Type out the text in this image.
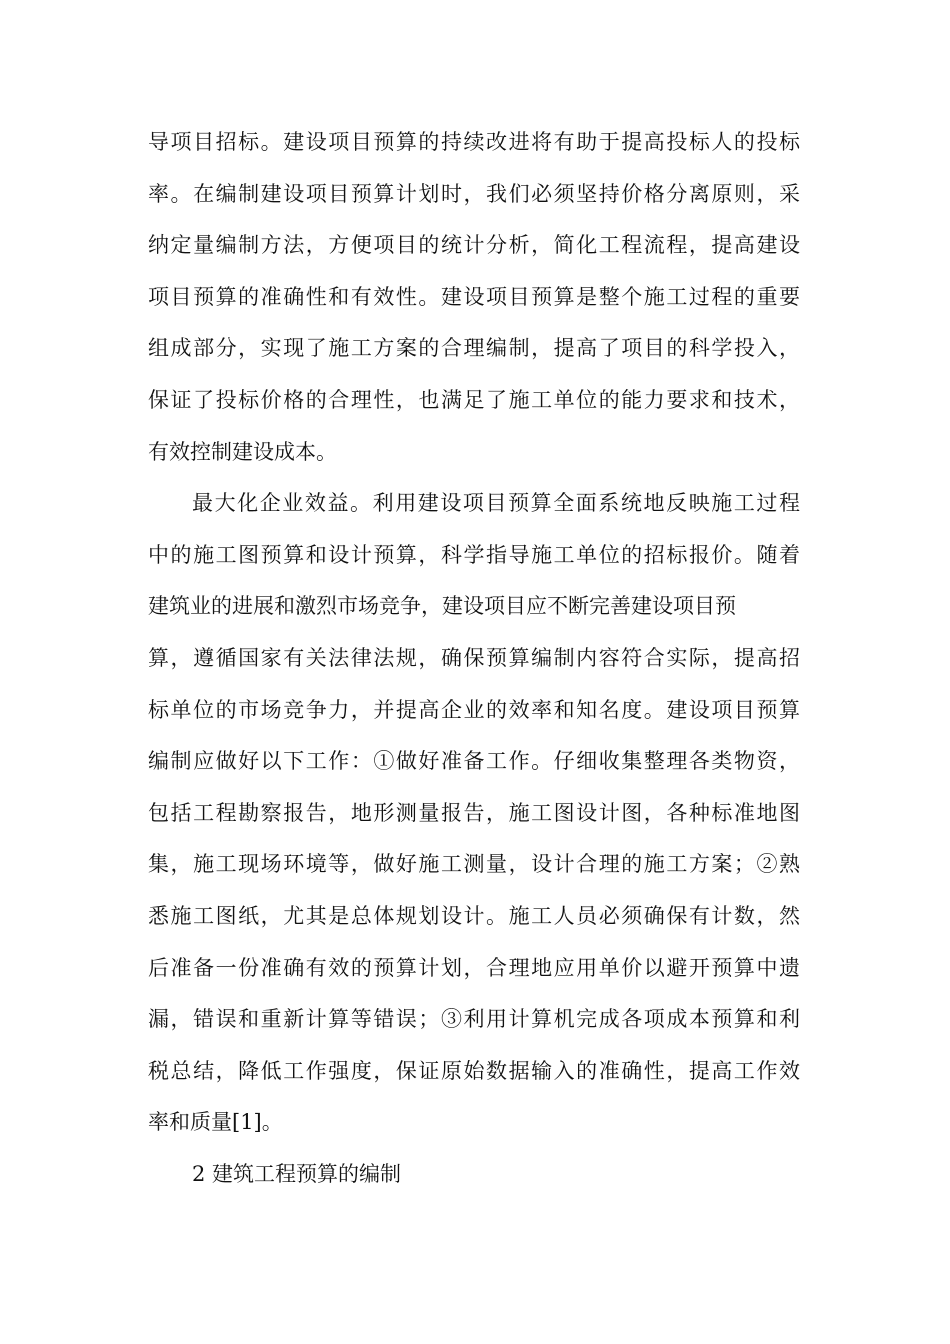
导项目招标。建设项目预算的持续改进将有助于提高投标人的投标
率。在编制建设项目预算计划时，我们必须坚持价格分离原则，采
纳定量编制方法，方便项目的统计分析，简化工程流程，提高建设
项目预算的准确性和有效性。建设项目预算是整个施工过程的重要
组成部分，实现了施工方案的合理编制，提高了项目的科学投入，
保证了投标价格的合理性，也满足了施工单位的能力要求和技术，
有效控制建设成本。
最大化企业效益。利用建设项目预算全面系统地反映施工过程
中的施工图预算和设计预算，科学指导施工单位的招标报价。随着
建筑业的进展和激烈市场竞争，建设项目应不断完善建设项目预
算，遵循国家有关法律法规，确保预算编制内容符合实际，提高招
标单位的市场竞争力，并提高企业的效率和知名度。建设项目预算
编制应做好以下工作：①做好准备工作。仔细收集整理各类物资，
包括工程勘察报告，地形测量报告，施工图设计图，各种标准地图
集，施工现场环境等，做好施工测量，设计合理的施工方案；②熟
悉施工图纸，尤其是总体规划设计。施工人员必须确保有计数，然
后准备一份准确有效的预算计划，合理地应用单价以避开预算中遗
漏，错误和重新计算等错误；③利用计算机完成各项成本预算和利
税总结，降低工作强度，保证原始数据输入的准确性，提高工作效
率和质量[1]。
2 建筑工程预算的编制
